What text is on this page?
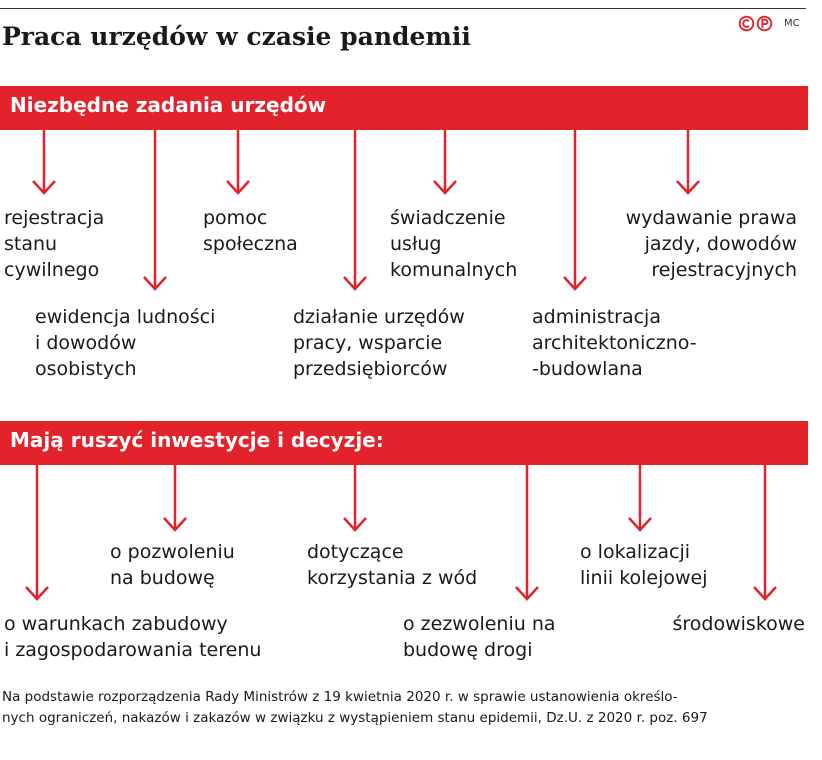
Praca urzędów w czasie pandemii	MC
Niezbędne zadania urzędów
Mają ruszyć inwestycje i decyzje:
rejestracja
stanu
cywilnego
ewidencja ludności
i dowodów
osobistych
pomoc
społeczna
działanie urzędów
pracy, wsparcie
przedsiębiorców
świadczenie
usług
komunalnych
administracja
architektoniczno-
-budowlana
wydawanie prawa
jazdy, dowodów
rejestracyjnych
o warunkach zabudowy
i zagospodarowania terenu
o pozwoleniu
na budowę
dotyczące
korzystania z wód
o zezwoleniu na
budowę drogi
o lokalizacji
linii kolejowej
środowiskowe
Na podstawie rozporządzenia Rady Ministrów z 19 kwietnia 2020 r. w sprawie ustanowienia określo-
nych ograniczeń, nakazów i zakazów w związku z wystąpieniem stanu epidemii, Dz.U. z 2020 r. poz. 697
